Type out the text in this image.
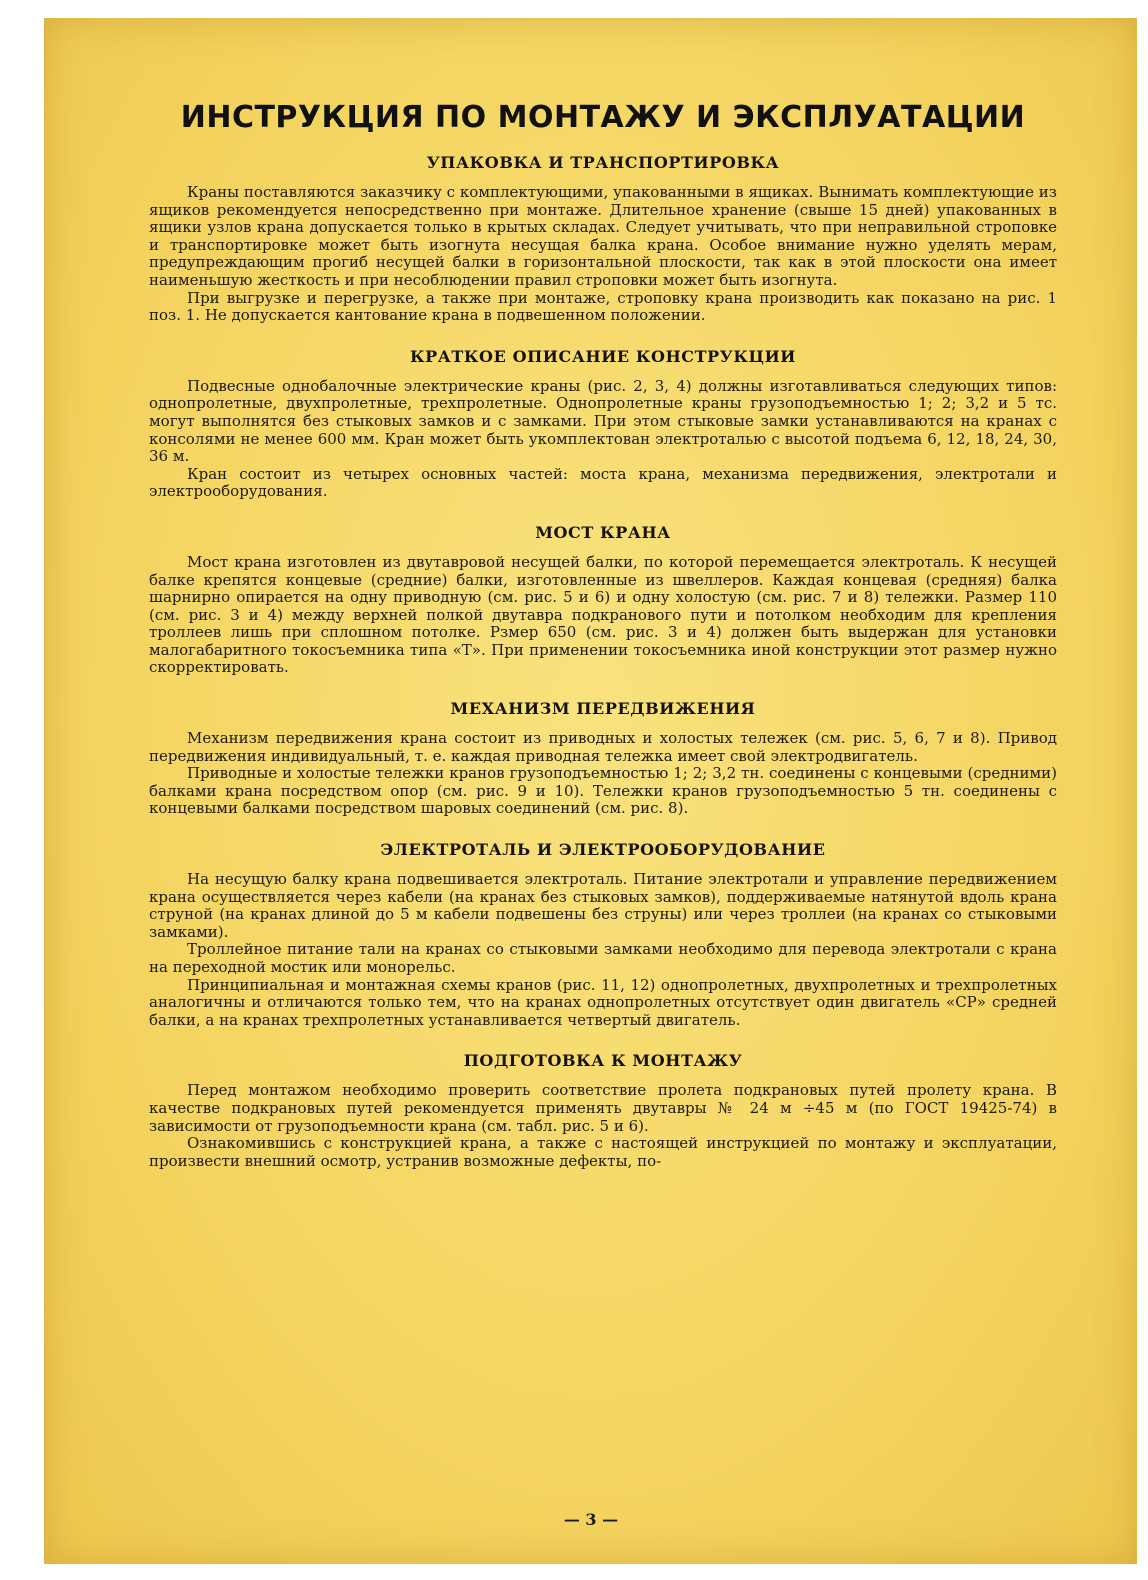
ИНСТРУКЦИЯ ПО МОНТАЖУ И ЭКСПЛУАТАЦИИ
УПАКОВКА И ТРАНСПОРТИРОВКА

Краны поставляются заказчику с комплектующими, упакованными в ящиках. Вынимать комплектующие из ящиков рекомендуется непосредственно при монтаже. Длительное хранение (свыше 15 дней) упакованных в ящики узлов крана допускается только в крытых складах. Следует учитывать, что при неправильной строповке и транспортировке может быть изогнута несущая балка крана. Особое внимание нужно уделять мерам, предупреждающим прогиб несущей балки в горизонтальной плоскости, так как в этой плоскости она имеет наименьшую жесткость и при несоблюдении правил строповки может быть изогнута.

При выгрузке и перегрузке, а также при монтаже, строповку крана производить как показано на рис. 1 поз. 1. Не допускается кантование крана в подвешенном положении.

КРАТКОЕ ОПИСАНИЕ КОНСТРУКЦИИ

Подвесные однобалочные электрические краны (рис. 2, 3, 4) должны изготавливаться следующих типов: однопролетные, двухпролетные, трехпролетные. Однопролетные краны грузоподъемностью 1; 2; 3,2 и 5 тс. могут выполнятся без стыковых замков и с замками. При этом стыковые замки устанавливаются на кранах с консолями не менее 600 мм. Кран может быть укомплектован электроталью с высотой подъема 6, 12, 18, 24, 30, 36 м.

Кран состоит из четырех основных частей: моста крана, механизма передвижения, электротали и электрооборудования.

МОСТ КРАНА

Мост крана изготовлен из двутавровой несущей балки, по которой перемещается электроталь. К несущей балке крепятся концевые (средние) балки, изготовленные из швеллеров. Каждая концевая (средняя) балка шарнирно опирается на одну приводную (см. рис. 5 и 6) и одну холостую (см. рис. 7 и 8) тележки. Размер 110 (см. рис. 3 и 4) между верхней полкой двутавра подкранового пути и потолком необходим для крепления троллеев лишь при сплошном потолке. Рзмер 650 (см. рис. 3 и 4) должен быть выдержан для установки малогабаритного токосъемника типа «Т». При применении токосъемника иной конструкции этот размер нужно скорректировать.

МЕХАНИЗМ ПЕРЕДВИЖЕНИЯ

Механизм передвижения крана состоит из приводных и холостых тележек (см. рис. 5, 6, 7 и 8). Привод передвижения индивидуальный, т. е. каждая приводная тележка имеет свой электродвигатель.

Приводные и холостые тележки кранов грузоподъемностью 1; 2; 3,2 тн. соединены с концевыми (средними) балками крана посредством опор (см. рис. 9 и 10). Тележки кранов грузоподъемностью 5 тн. соединены с концевыми балками посредством шаровых соединений (см. рис. 8).

ЭЛЕКТРОТАЛЬ И ЭЛЕКТРООБОРУДОВАНИЕ

На несущую балку крана подвешивается электроталь. Питание электротали и управление передвижением крана осуществляется через кабели (на кранах без стыковых замков), поддерживаемые натянутой вдоль крана струной (на кранах длиной до 5 м кабели подвешены без струны) или через троллеи (на кранах со стыковыми замками).

Троллейное питание тали на кранах со стыковыми замками необходимо для перевода электротали с крана на переходной мостик или монорельс.

Принципиальная и монтажная схемы кранов (рис. 11, 12) однопролетных, двухпролетных и трехпролетных аналогичны и отличаются только тем, что на кранах однопролетных отсутствует один двигатель «СР» средней балки, а на кранах трехпролетных устанавливается четвертый двигатель.

ПОДГОТОВКА К МОНТАЖУ

Перед монтажом необходимо проверить соответствие пролета подкрановых путей пролету крана. В качестве подкрановых путей рекомендуется применять двутавры № 24 м ÷45 м (по ГОСТ 19425-74) в зависимости от грузоподъемности крана (см. табл. рис. 5 и 6).

Ознакомившись с конструкцией крана, а также с настоящей инструкцией по монтажу и эксплуатации, произвести внешний осмотр, устранив возможные дефекты, по-

— 3 —
